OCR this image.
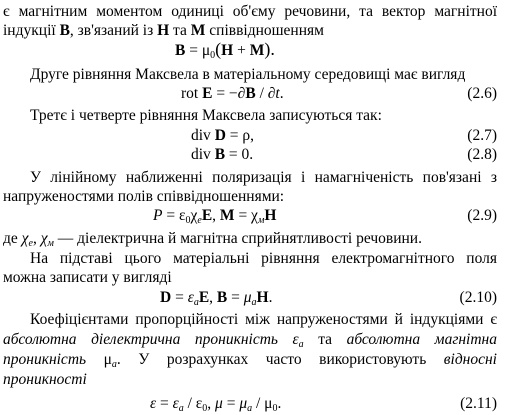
є магнітним моментом одиниці об'єму речовини, та вектор магнітної
індукції B, зв'язаний із H та M співвідношенням
$B = \mu_0(H + M)$.
Друге рівняння Максвела в матеріальному середовищі має вигляд
rot E = −∂B / ∂t.	(2.6)
Третє і четверте рівняння Максвела записуються так:
div D = ρ,	(2.7)
div B = 0.	(2.8)
У лінійному наближенні поляризація і намагніченість пов'язані з
напруженостями полів співвідношеннями:
$P = \varepsilon_0\chi_eE$, $M = \chi_мH$	(2.9)
де $\chi_e$, $\chi_м$ — діелектрична й магнітна сприйнятливості речовини.
На підставі цього матеріальні рівняння електромагнітного поля
можна записати у вигляді
$D = \varepsilon_aE$, $B = \mu_aH$.	(2.10)
Коефіцієнтами пропорційності між напруженостями й індукціями є
абсолютна діелектрична проникність $\varepsilon_a$ та абсолютна магнітна
проникність $\mu_a$. У розрахунках часто використовують відносні
проникності
$\varepsilon = \varepsilon_a / \varepsilon_0$, $\mu = \mu_a / \mu_0$.	(2.11)
